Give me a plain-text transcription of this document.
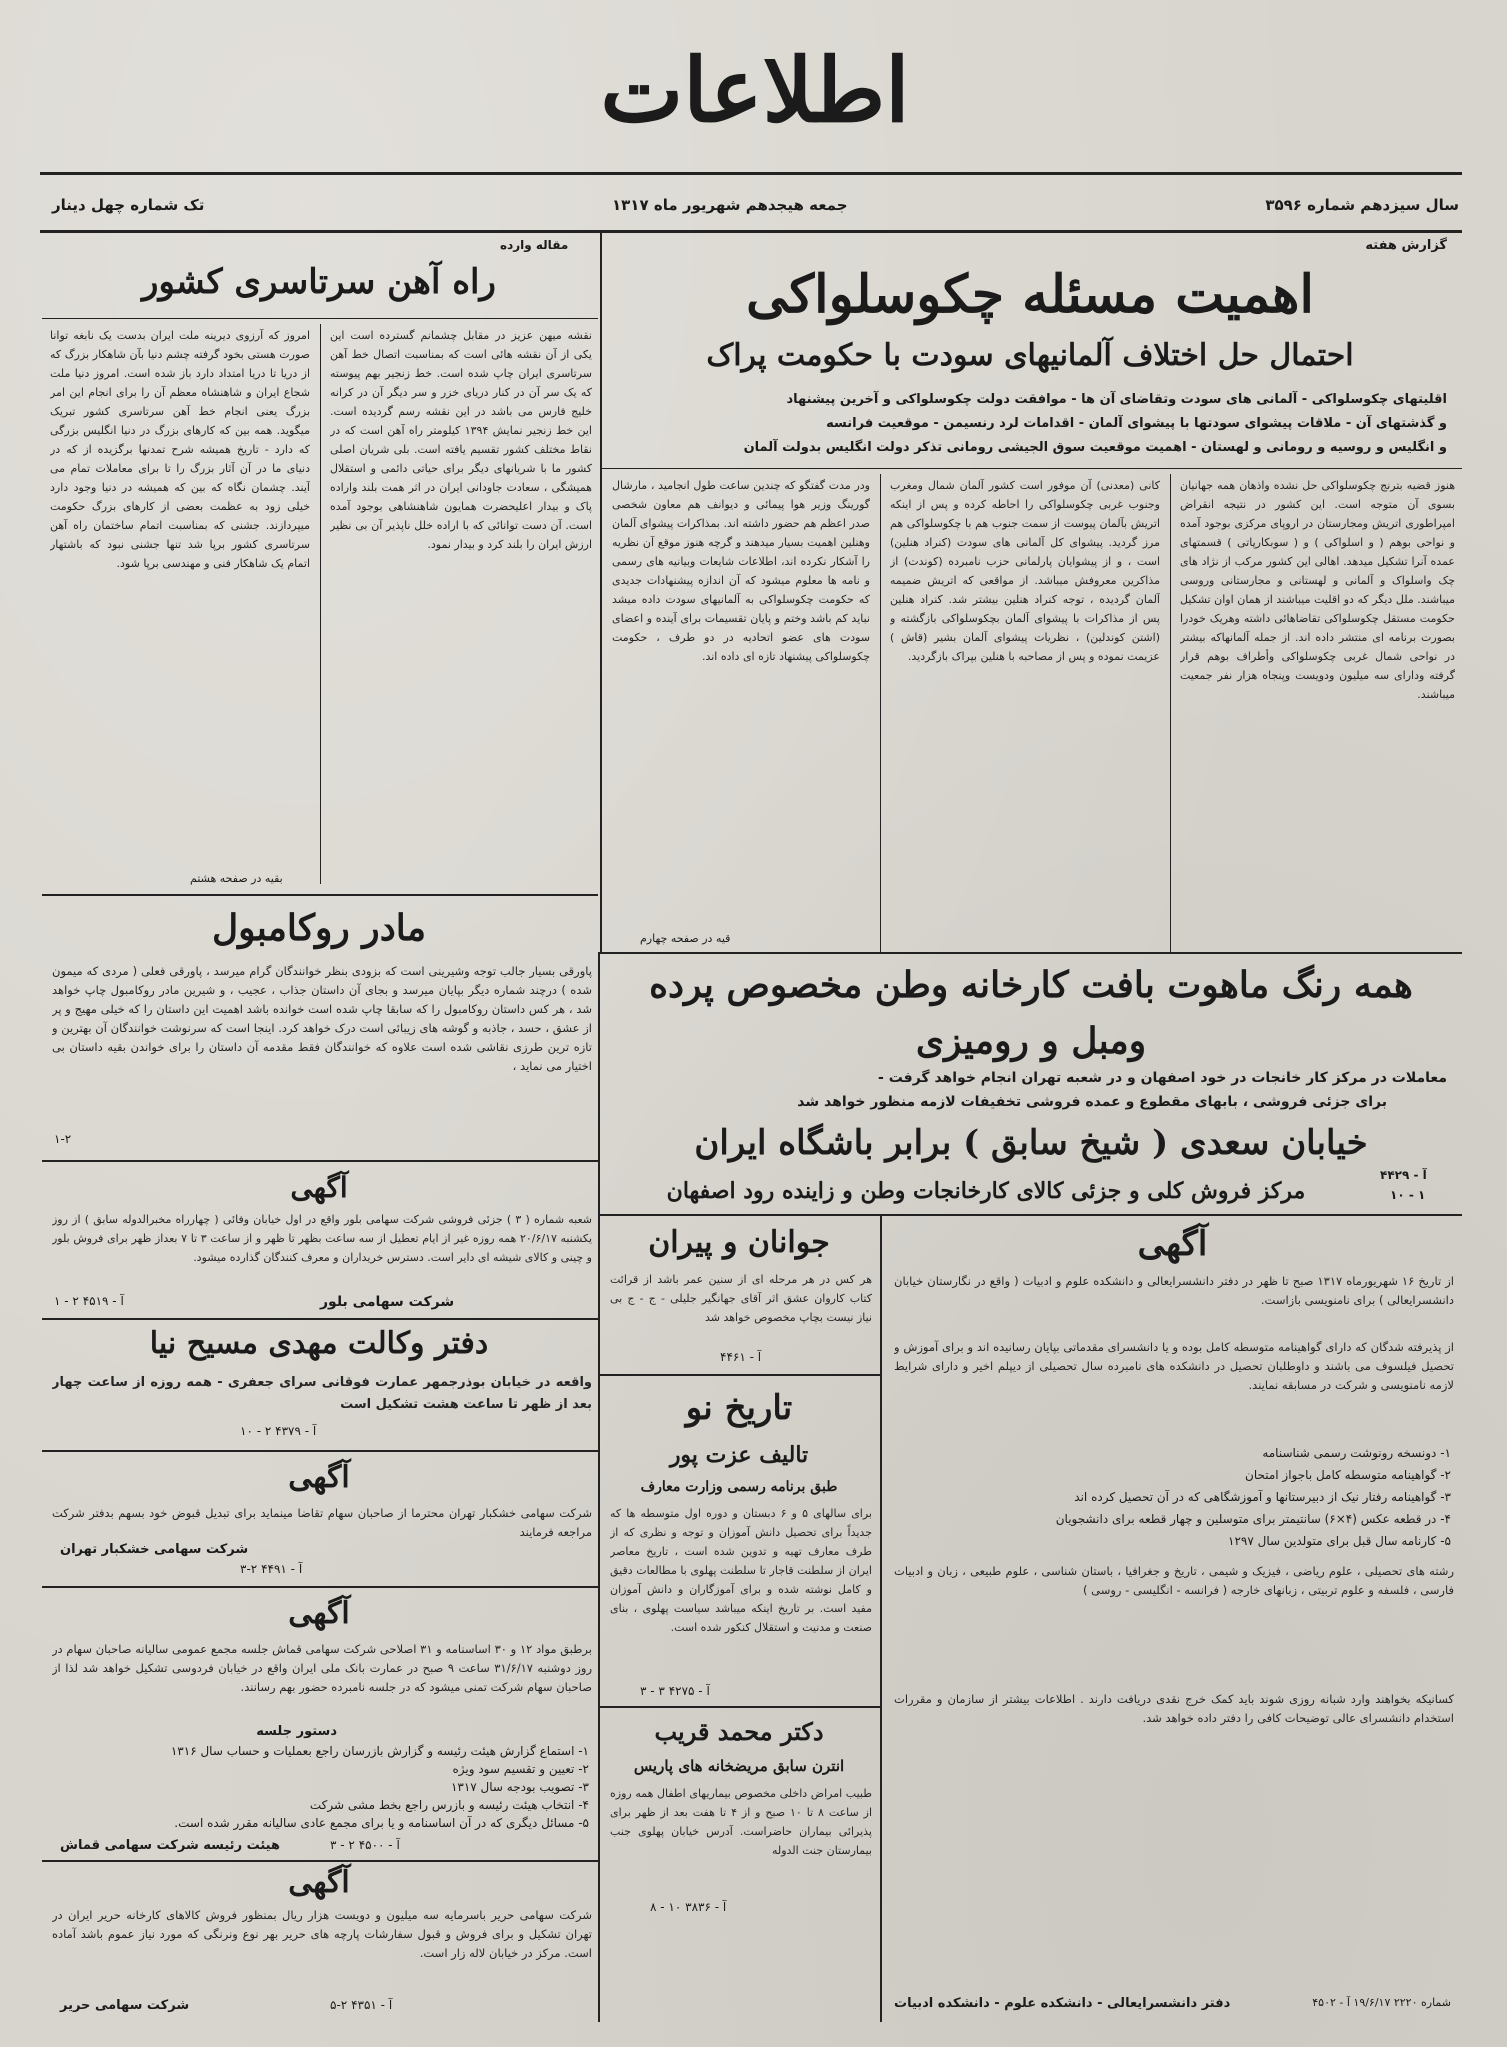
اطلاعات
سال سیزدهم شماره ۳۵۹۶
جمعه هیجدهم شهریور ماه ۱۳۱۷
تک شماره چهل دینار
گزارش هفته
اهمیت مسئله چکوسلواکی
احتمال حل اختلاف آلمانیهای سودت با حکومت پراک
اقلیتهای چکوسلواکی - آلمانی های سودت وتقاضای آن ها - موافقت دولت چکوسلواکی و آخرین پیشنهاد
و گذشتهای آن - ملاقات پیشوای سودتها با پیشوای آلمان - اقدامات لرد رنسیمن - موقعیت فرانسه
و انگلیس و روسیه و رومانی و لهستان - اهمیت موقعیت سوق الجیشی رومانی تذکر دولت انگلیس بدولت آلمان
هنوز قضیه بترنج چکوسلواکی حل نشده واذهان همه جهانیان بسوی آن متوجه است. این کشور در نتیجه انقراض امپراطوری اتریش ومجارستان در اروپای مرکزی بوجود آمده و نواحی بوهم ( و اسلواکی ) و ( سوبکارپاتی ) قسمتهای عمده آنرا تشکیل میدهد. اهالی این کشور مرکب از نژاد های چک واسلواک و آلمانی و لهستانی و مجارستانی وروسی میباشند. ملل دیگر که دو اقلیت میباشند از همان اوان تشکیل حکومت مستقل چکوسلواکی تقاضاهائی داشته وهریک خودرا بصورت برنامه ای منتشر داده اند. از جمله آلمانهاکه بیشتر در نواحی شمال غربی چکوسلواکی وأطراف بوهم قرار گرفته ودارای سه میلیون ودویست وپنجاه هزار نفر جمعیت میباشند.
کانی (معدنی) آن موفور است کشور آلمان شمال ومغرب وجنوب غربی چکوسلواکی را احاطه کرده و پس از اینکه اتریش بآلمان پیوست از سمت جنوب هم با چکوسلواکی هم مرز گردید. پیشوای کل آلمانی های سودت (کنراد هنلین) است ، و از پیشوایان پارلمانی حزب نامبرده (کوندت) از مذاکرین معروفش میباشد. از مواقعی که اتریش ضمیمه آلمان گردیده ، توجه کنراد هنلین بیشتر شد. کنراد هنلین پس از مذاکرات با پیشوای آلمان بچکوسلواکی بازگشته و (اشتن کوندلین) ، نظریات پیشوای آلمان بشیر (قاش ) عزیمت نموده و پس از مصاحبه با هنلین بپراک بازگردید.
ودر مدت گفتگو که چندین ساعت طول انجامید ، مارشال گورینگ وزیر هوا پیمائی و دیوانف هم معاون شخصی صدر اعظم هم حضور داشته اند. بمذاکرات پیشوای آلمان وهنلین اهمیت بسیار میدهند و گرچه هنوز موقع آن نظریه را آشکار نکرده اند، اطلاعات شایعات وبیانیه های رسمی و نامه ها معلوم میشود که آن اندازه پیشنهادات جدیدی که حکومت چکوسلواکی به آلمانیهای سودت داده میشد نباید کم باشد وختم و پایان تقسیمات برای آینده و اعضای سودت های عضو اتحادیه در دو طرف ، حکومت چکوسلواکی پیشنهاد تازه ای داده اند.
قیه در صفحه چهارم
مقاله وارده
راه آهن سرتاسری کشور
امروز که آرزوی دیرینه ملت ایران بدست یک نابغه توانا صورت هستی بخود گرفته چشم دنیا بآن شاهکار بزرگ که از دریا تا دریا امتداد دارد باز شده است. امروز دنیا ملت شجاع ایران و شاهنشاه معظم آن را برای انجام این امر بزرگ یعنی انجام خط آهن سرتاسری کشور تبریک میگوید. همه بین که کارهای بزرگ در دنیا انگلیس بزرگی که دارد - تاریخ همیشه شرح تمدنها برگزیده از که در دنیای ما در آن آثار بزرگ را تا برای معاملات تمام می آیند. چشمان نگاه که بین که همیشه در دنیا وجود دارد خیلی زود به عظمت بعضی از کارهای بزرگ حکومت میپردازند. جشنی که بمناسبت اتمام ساختمان راه آهن سرتاسری کشور برپا شد تنها جشنی نبود که باشتهار اتمام یک شاهکار فنی و مهندسی برپا شود.
نقشه میهن عزیز در مقابل چشمانم گسترده است این یکی از آن نقشه هائی است که بمناسبت اتصال خط آهن سرتاسری ایران چاپ شده است. خط زنجیر بهم پیوسته که یک سر آن در کنار دریای خزر و سر دیگر آن در کرانه خلیج فارس می باشد در این نقشه رسم گردیده است. این خط زنجیر نمایش ۱۳۹۴ کیلومتر راه آهن است که در نقاط مختلف کشور تقسیم یافته است. بلی شریان اصلی کشور ما با شریانهای دیگر برای حیاتی دائمی و استقلال همیشگی ، سعادت جاودانی ایران در اثر همت بلند واراده پاک و بیدار اعلیحضرت همایون شاهنشاهی بوجود آمده است. آن دست توانائی که با اراده خلل ناپذیر آن بی نظیر ارزش ایران را بلند کرد و بیدار نمود.
بقیه در صفحه هشتم
مادر روکامبول
پاورقی بسیار جالب توجه وشیرینی است که بزودی بنظر خوانندگان گرام میرسد ، پاورقی فعلی ( مردی که میمون شده ) درچند شماره دیگر بپایان میرسد و بجای آن داستان جذاب ، عجیب ، و شیرین مادر روکامبول چاپ خواهد شد ، هر کس داستان روکامبول را که سابقا چاپ شده است خوانده باشد اهمیت این داستان را که خیلی مهیج و پر از عشق ، حسد ، جاذبه و گوشه های زیبائی است درک خواهد کرد. اینجا است که سرنوشت خوانندگان آن بهترین و تازه ترین طرزی نقاشی شده است علاوه که خوانندگان فقط مقدمه آن داستان را برای خواندن بقیه داستان بی اختیار می نماید ،
۱-۲
آگهی
شعبه شماره ( ۳ ) جزئی فروشی شرکت سهامی بلور واقع در اول خیابان وفائی ( چهارراه مخبرالدوله سابق ) از روز یکشنبه ۲۰/۶/۱۷ همه روزه غیر از ایام تعطیل از سه ساعت بظهر تا ظهر و از ساعت ۳ تا ۷ بعداز ظهر برای فروش بلور و چینی و کالای شیشه ای دایر است. دسترس خریداران و معرف کنندگان گذارده میشود.
شرکت سهامی بلور
آ - ۴۵۱۹ ۲ - ۱
دفتر وکالت مهدی مسیح نیا
واقعه در خیابان بوذرجمهر عمارت فوقانی سرای جعفری - همه روزه از ساعت چهار بعد از ظهر تا ساعت هشت تشکیل است
آ - ۴۳۷۹ ۲ - ۱۰
آگهی
شرکت سهامی خشکبار تهران محترما از صاحبان سهام تقاضا مینماید برای تبدیل قبوض خود بسهم بدفتر شرکت مراجعه فرمایند
شرکت سهامی خشکبار تهران
آ - ۴۴۹۱ ۲-۳
آگهی
برطبق مواد ۱۲ و ۳۰ اساسنامه و ۳۱ اصلاحی شرکت سهامی قماش جلسه مجمع عمومی سالیانه صاحبان سهام در روز دوشنبه ۳۱/۶/۱۷ ساعت ۹ صبح در عمارت بانک ملی ایران واقع در خیابان فردوسی تشکیل خواهد شد لذا از صاحبان سهام شرکت تمنی میشود که در جلسه نامبرده حضور بهم رسانند.
دستور جلسه
۱- استماع گزارش هیئت رئیسه و گزارش بازرسان راجع بعملیات و حساب سال ۱۳۱۶
۲- تعیین و تقسیم سود ویژه
۳- تصویب بودجه سال ۱۳۱۷
۴- انتخاب هیئت رئیسه و بازرس راجع بخط مشی شرکت
۵- مسائل دیگری که در آن اساسنامه و یا برای مجمع عادی سالیانه مقرر شده است.
هیئت رئیسه شرکت سهامی قماش	آ - ۴۵۰۰ ۲ - ۳
آگهی
شرکت سهامی حریر باسرمایه سه میلیون و دویست هزار ریال بمنظور فروش کالاهای کارخانه حریر ایران در تهران تشکیل و برای فروش و قبول سفارشات پارچه های حریر بهر نوع ونرنگی که مورد نیاز عموم باشد آماده است. مرکز در خیابان لاله زار است.
شرکت سهامی حریر	آ - ۴۳۵۱ ۲-۵
همه رنگ ماهوت بافت کارخانه وطن مخصوص پرده
ومبل و رومیزی
معاملات در مرکز کار خانجات در خود اصفهان و در شعبه تهران انجام خواهد گرفت -
برای جزئی فروشی ، بابهای مقطوع و عمده فروشی تخفیفات لازمه منظور خواهد شد
خیابان سعدی ( شیخ سابق ) برابر باشگاه ایران
مرکز فروش کلی و جزئی کالای کارخانجات وطن و زاینده رود اصفهان
آ - ۴۴۲۹
۱ - ۱۰
جوانان و پیران
هر کس در هر مرحله ای از سنین عمر باشد از قرائت کتاب کاروان عشق اثر آقای جهانگیر جلیلی - ج - ج بی نیاز نیست بچاپ مخصوص خواهد شد
آ - ۴۴۶۱
تاریخ نو
تالیف عزت پور
طبق برنامه رسمی وزارت معارف
برای سالهای ۵ و ۶ دبستان و دوره اول متوسطه ها که جدیداً برای تحصیل دانش آموزان و توجه و نظری که از طرف معارف تهیه و تدوین شده است ، تاریخ معاصر ایران از سلطنت قاجار تا سلطنت پهلوی با مطالعات دقیق و کامل نوشته شده و برای آموزگاران و دانش آموزان مفید است. بر تاریخ اینکه میباشد سیاست پهلوی ، بنای صنعت و مدنیت و استقلال کنکور شده است.
آ - ۴۲۷۵ ۳ - ۳
دکتر محمد قریب
انترن سابق مریضخانه های پاریس
طبیب امراض داخلی مخصوص بیماریهای اطفال همه روزه از ساعت ۸ تا ۱۰ صبح و از ۴ تا هفت بعد از ظهر برای پذیرائی بیماران حاضراست. آدرس خیابان پهلوی جنب بیمارستان جنت الدوله
آ - ۳۸۳۶ ۱۰ - ۸
آگهی
از تاریخ ۱۶ شهریورماه ۱۳۱۷ صبح تا ظهر در دفتر دانشسرایعالی و دانشکده علوم و ادبیات ( واقع در نگارستان خیابان دانشسرایعالی ) برای نامنویسی بازاست.
از پذیرفته شدگان که دارای گواهینامه متوسطه کامل بوده و یا دانشسرای مقدماتی بپایان رسانیده اند و برای آموزش و تحصیل فیلسوف می باشند و داوطلبان تحصیل در دانشکده های نامبرده سال تحصیلی از دیپلم اخیر و دارای شرایط لازمه نامنویسی و شرکت در مسابقه نمایند.
۱- دونسخه رونوشت رسمی شناسنامه
۲- گواهینامه متوسطه کامل باجواز امتحان
۳- گواهینامه رفتار نیک از دبیرستانها و آموزشگاهی که در آن تحصیل کرده اند
۴- در قطعه عکس (۴×۶) سانتیمتر برای متوسلین و چهار قطعه برای دانشجویان
۵- کارنامه سال قبل برای متولدین سال ۱۲۹۷
رشته های تحصیلی ، علوم ریاضی ، فیزیک و شیمی ، تاریخ و جغرافیا ، باستان شناسی ، علوم طبیعی ، زبان و ادبیات فارسی ، فلسفه و علوم تربیتی ، زبانهای خارجه ( فرانسه - انگلیسی - روسی )
کسانیکه بخواهند وارد شبانه روزی شوند باید کمک خرج نقدی دریافت دارند . اطلاعات بیشتر از سازمان و مقررات استخدام دانشسرای عالی توضیحات کافی را دفتر داده خواهد شد.
دفتر دانشسرایعالی - دانشکده علوم - دانشکده ادبیات	شماره ۲۲۲۰ ۱۹/۶/۱۷ آ - ۴۵۰۲
